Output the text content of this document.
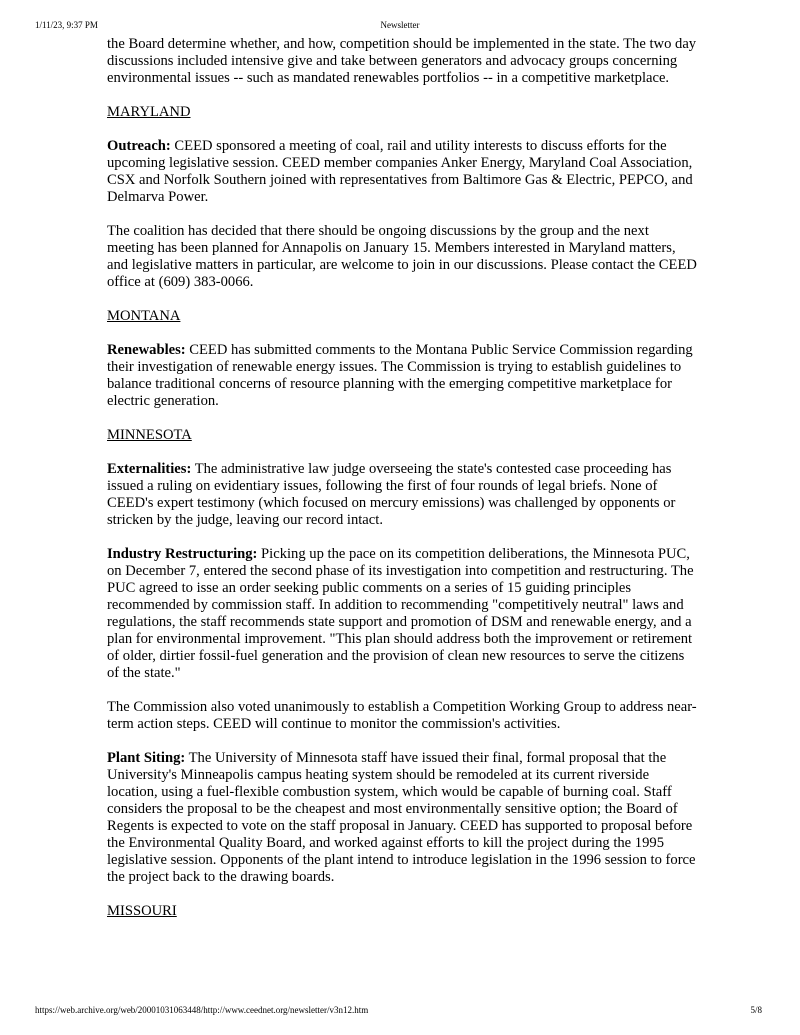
1/11/23, 9:37 PM	Newsletter

the Board determine whether, and how, competition should be implemented in the state. The two day discussions included intensive give and take between generators and advocacy groups concerning environmental issues -- such as mandated renewables portfolios -- in a competitive marketplace.

MARYLAND

Outreach: CEED sponsored a meeting of coal, rail and utility interests to discuss efforts for the upcoming legislative session. CEED member companies Anker Energy, Maryland Coal Association, CSX and Norfolk Southern joined with representatives from Baltimore Gas & Electric, PEPCO, and Delmarva Power.

The coalition has decided that there should be ongoing discussions by the group and the next meeting has been planned for Annapolis on January 15. Members interested in Maryland matters, and legislative matters in particular, are welcome to join in our discussions. Please contact the CEED office at (609) 383-0066.

MONTANA

Renewables: CEED has submitted comments to the Montana Public Service Commission regarding their investigation of renewable energy issues. The Commission is trying to establish guidelines to balance traditional concerns of resource planning with the emerging competitive marketplace for electric generation.

MINNESOTA

Externalities: The administrative law judge overseeing the state's contested case proceeding has issued a ruling on evidentiary issues, following the first of four rounds of legal briefs. None of CEED's expert testimony (which focused on mercury emissions) was challenged by opponents or stricken by the judge, leaving our record intact.

Industry Restructuring: Picking up the pace on its competition deliberations, the Minnesota PUC, on December 7, entered the second phase of its investigation into competition and restructuring. The PUC agreed to isse an order seeking public comments on a series of 15 guiding principles recommended by commission staff. In addition to recommending "competitively neutral" laws and regulations, the staff recommends state support and promotion of DSM and renewable energy, and a plan for environmental improvement. "This plan should address both the improvement or retirement of older, dirtier fossil-fuel generation and the provision of clean new resources to serve the citizens of the state."

The Commission also voted unanimously to establish a Competition Working Group to address near-term action steps. CEED will continue to monitor the commission's activities.

Plant Siting: The University of Minnesota staff have issued their final, formal proposal that the University's Minneapolis campus heating system should be remodeled at its current riverside location, using a fuel-flexible combustion system, which would be capable of burning coal. Staff considers the proposal to be the cheapest and most environmentally sensitive option; the Board of Regents is expected to vote on the staff proposal in January. CEED has supported to proposal before the Environmental Quality Board, and worked against efforts to kill the project during the 1995 legislative session. Opponents of the plant intend to introduce legislation in the 1996 session to force the project back to the drawing boards.

MISSOURI
https://web.archive.org/web/20001031063448/http://www.ceednet.org/newsletter/v3n12.htm	5/8
